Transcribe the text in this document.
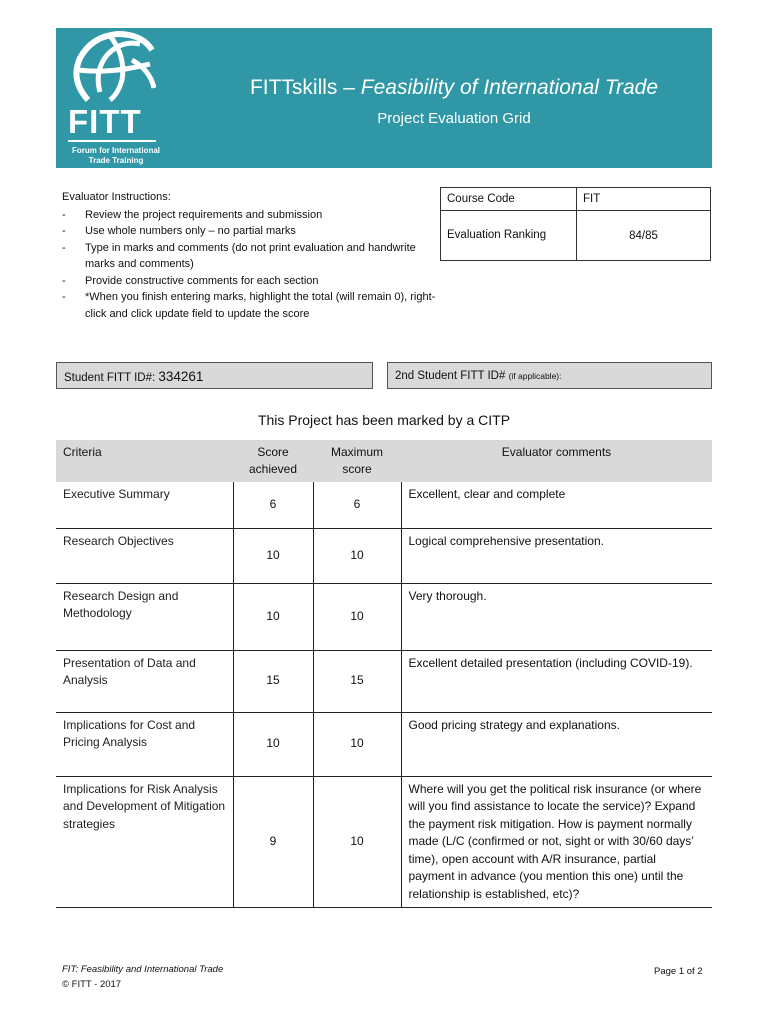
FITT
Forum for International
Trade Training
FITTskills – Feasibility of International Trade
Project Evaluation Grid
Evaluator Instructions:
- Review the project requirements and submission
- Use whole numbers only – no partial marks
- Type in marks and comments (do not print evaluation and handwrite marks and comments)
- Provide constructive comments for each section
- *When you finish entering marks, highlight the total (will remain 0), right-click and click update field to update the score
Course Code	FIT
Evaluation Ranking	84/85
Student FITT ID#: 334261	2nd Student FITT ID# (if applicable):
This Project has been marked by a CITP
Criteria	Score achieved	Maximum score	Evaluator comments
Executive Summary	6	6	Excellent, clear and complete
Research Objectives	10	10	Logical comprehensive presentation.
Research Design and Methodology	10	10	Very thorough.
Presentation of Data and Analysis	15	15	Excellent detailed presentation (including COVID-19).
Implications for Cost and Pricing Analysis	10	10	Good pricing strategy and explanations.
Implications for Risk Analysis and Development of Mitigation strategies	9	10	Where will you get the political risk insurance (or where will you find assistance to locate the service)? Expand the payment risk mitigation. How is payment normally made (L/C (confirmed or not, sight or with 30/60 days’ time), open account with A/R insurance, partial payment in advance (you mention this one) until the relationship is established, etc)?
FIT: Feasibility and International Trade
© FITT - 2017
Page 1 of 2
